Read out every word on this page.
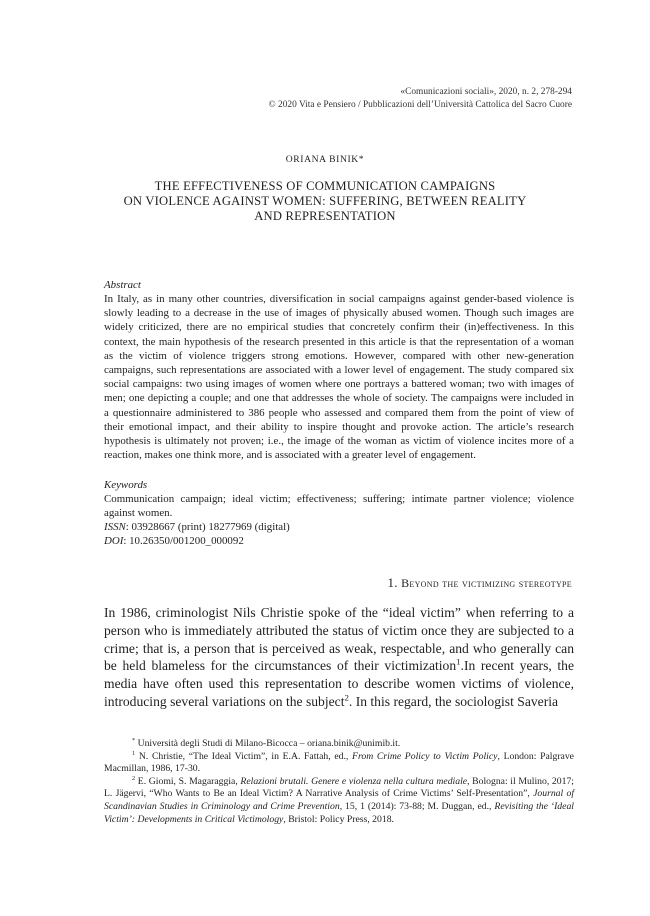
«Comunicazioni sociali», 2020, n. 2, 278-294
© 2020 Vita e Pensiero / Pubblicazioni dell’Università Cattolica del Sacro Cuore
ORIANA BINIK*
THE EFFECTIVENESS OF COMMUNICATION CAMPAIGNS
ON VIOLENCE AGAINST WOMEN: SUFFERING, BETWEEN REALITY
AND REPRESENTATION
Abstract
In Italy, as in many other countries, diversification in social campaigns against gender-based violence is slowly leading to a decrease in the use of images of physically abused women. Though such images are widely criticized, there are no empirical studies that concretely confirm their (in)effectiveness. In this context, the main hypothesis of the research presented in this article is that the representation of a woman as the victim of violence triggers strong emotions. However, compared with other new-generation campaigns, such representations are associated with a lower level of engagement. The study compared six social campaigns: two using images of women where one portrays a battered woman; two with images of men; one depicting a couple; and one that addresses the whole of society. The campaigns were included in a questionnaire administered to 386 people who assessed and compared them from the point of view of their emotional impact, and their ability to inspire thought and provoke action. The article’s research hypothesis is ultimately not proven; i.e., the image of the woman as victim of violence incites more of a reaction, makes one think more, and is associated with a greater level of engagement.
Keywords
Communication campaign; ideal victim; effectiveness; suffering; intimate partner violence; violence against women.
ISSN: 03928667 (print) 18277969 (digital)
DOI: 10.26350/001200_000092
1. Beyond the victimizing stereotype
In 1986, criminologist Nils Christie spoke of the “ideal victim” when referring to a person who is immediately attributed the status of victim once they are subjected to a crime; that is, a person that is perceived as weak, respectable, and who generally can be held blameless for the circumstances of their victimization$^1$.In recent years, the media have often used this representation to describe women victims of violence, introducing several variations on the subject$^2$. In this regard, the sociologist Saveria

* Università degli Studi di Milano-Bicocca – oriana.binik@unimib.it.

$^1$ N. Christie, “The Ideal Victim”, in E.A. Fattah, ed., From Crime Policy to Victim Policy, London: Palgrave Macmillan, 1986, 17-30.

$^2$ E. Giomi, S. Magaraggia, Relazioni brutali. Genere e violenza nella cultura mediale, Bologna: il Mulino, 2017; L. Jägervi, “Who Wants to Be an Ideal Victim? A Narrative Analysis of Crime Victims’ Self-Presentation”, Journal of Scandinavian Studies in Criminology and Crime Prevention, 15, 1 (2014): 73-88; M. Duggan, ed., Revisiting the ‘Ideal Victim’: Developments in Critical Victimology, Bristol: Policy Press, 2018.
